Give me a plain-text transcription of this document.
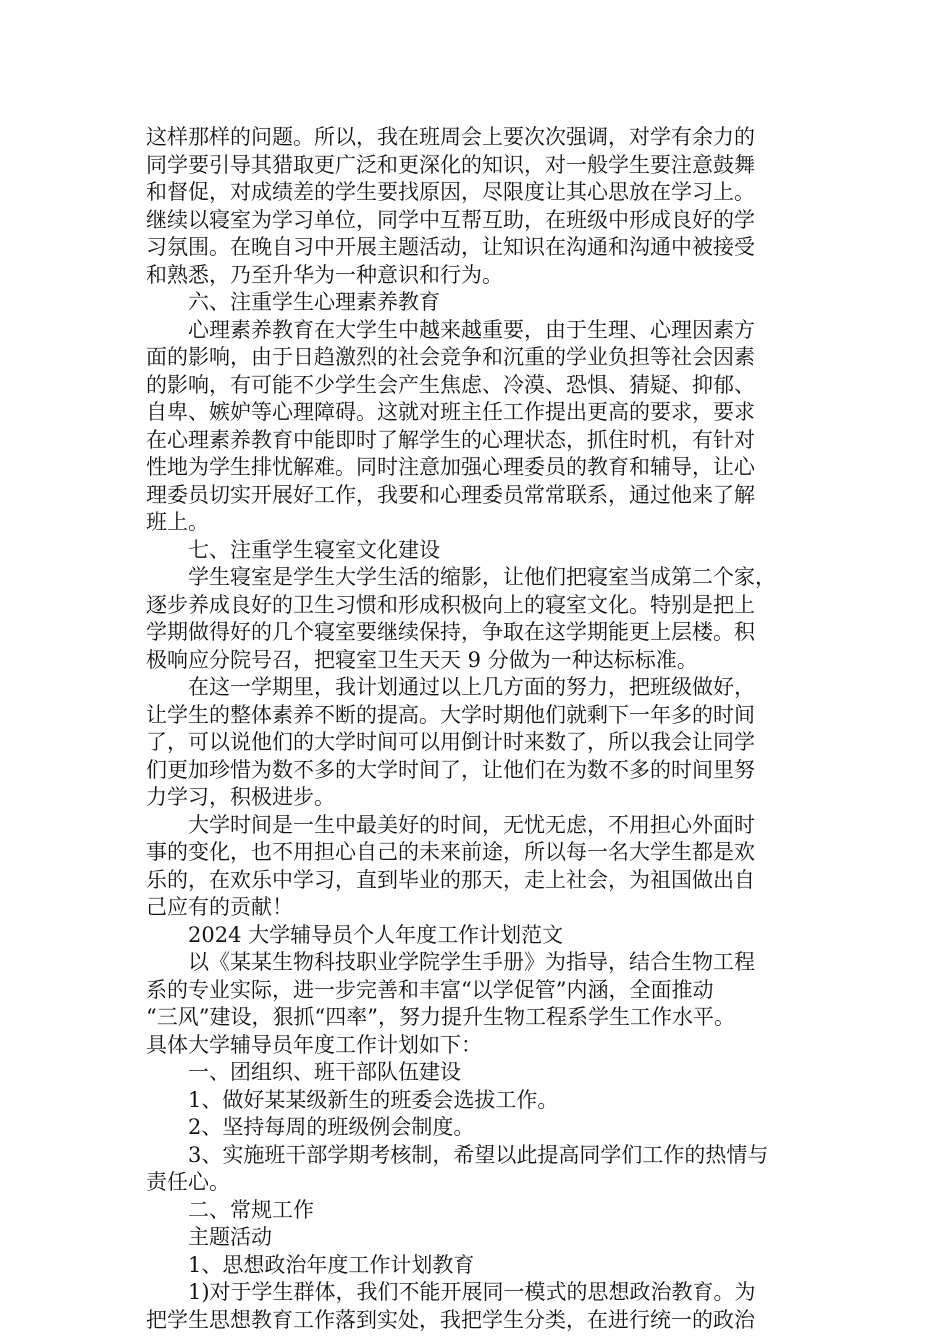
这样那样的问题。所以，我在班周会上要次次强调，对学有余力的
同学要引导其猎取更广泛和更深化的知识，对一般学生要注意鼓舞
和督促，对成绩差的学生要找原因，尽限度让其心思放在学习上。
继续以寝室为学习单位，同学中互帮互助，在班级中形成良好的学
习氛围。在晚自习中开展主题活动，让知识在沟通和沟通中被接受
和熟悉，乃至升华为一种意识和行为。
六、注重学生心理素养教育
心理素养教育在大学生中越来越重要，由于生理、心理因素方
面的影响，由于日趋激烈的社会竞争和沉重的学业负担等社会因素
的影响，有可能不少学生会产生焦虑、冷漠、恐惧、猜疑、抑郁、
自卑、嫉妒等心理障碍。这就对班主任工作提出更高的要求，要求
在心理素养教育中能即时了解学生的心理状态，抓住时机，有针对
性地为学生排忧解难。同时注意加强心理委员的教育和辅导，让心
理委员切实开展好工作，我要和心理委员常常联系，通过他来了解
班上。
七、注重学生寝室文化建设
学生寝室是学生大学生活的缩影，让他们把寝室当成第二个家，
逐步养成良好的卫生习惯和形成积极向上的寝室文化。特别是把上
学期做得好的几个寝室要继续保持，争取在这学期能更上层楼。积
极响应分院号召，把寝室卫生天天 9 分做为一种达标标准。
在这一学期里，我计划通过以上几方面的努力，把班级做好，
让学生的整体素养不断的提高。大学时期他们就剩下一年多的时间
了，可以说他们的大学时间可以用倒计时来数了，所以我会让同学
们更加珍惜为数不多的大学时间了，让他们在为数不多的时间里努
力学习，积极进步。
大学时间是一生中最美好的时间，无忧无虑，不用担心外面时
事的变化，也不用担心自己的未来前途，所以每一名大学生都是欢
乐的，在欢乐中学习，直到毕业的那天，走上社会，为祖国做出自
己应有的贡献！
2024 大学辅导员个人年度工作计划范文
以《某某生物科技职业学院学生手册》为指导，结合生物工程
系的专业实际，进一步完善和丰富“以学促管”内涵，全面推动
“三风”建设，狠抓“四率”，努力提升生物工程系学生工作水平。
具体大学辅导员年度工作计划如下：
一、团组织、班干部队伍建设
1、做好某某级新生的班委会选拔工作。
2、坚持每周的班级例会制度。
3、实施班干部学期考核制，希望以此提高同学们工作的热情与
责任心。
二、常规工作
主题活动
1、思想政治年度工作计划教育
1)对于学生群体，我们不能开展同一模式的思想政治教育。为
把学生思想教育工作落到实处，我把学生分类，在进行统一的政治
